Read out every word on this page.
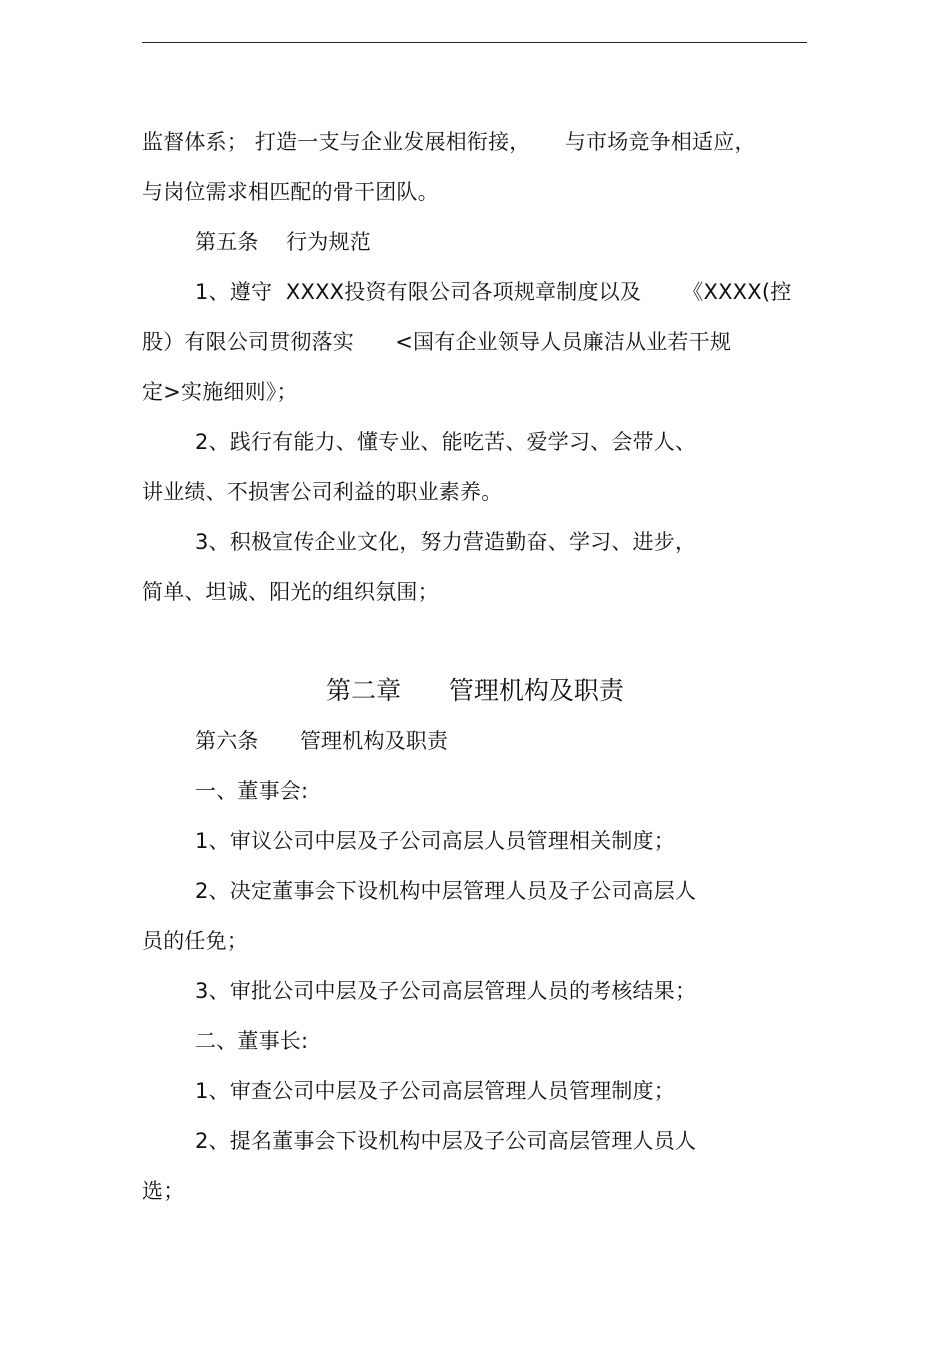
监督体系； 打造一支与企业发展相衔接，     与市场竞争相适应，
与岗位需求相匹配的骨干团队。
第五条    行为规范
1、遵守  XXXX投资有限公司各项规章制度以及      《XXXX(控
股）有限公司贯彻落实      <国有企业领导人员廉洁从业若干规
定>实施细则》；
2、践行有能力、懂专业、能吃苦、爱学习、会带人、
讲业绩、不损害公司利益的职业素养。
3、积极宣传企业文化，努力营造勤奋、学习、进步，
简单、坦诚、阳光的组织氛围；
第二章      管理机构及职责
第六条      管理机构及职责
一、董事会:
1、审议公司中层及子公司高层人员管理相关制度；
2、决定董事会下设机构中层管理人员及子公司高层人
员的任免；
3、审批公司中层及子公司高层管理人员的考核结果；
二、董事长:
1、审查公司中层及子公司高层管理人员管理制度；
2、提名董事会下设机构中层及子公司高层管理人员人
选；
